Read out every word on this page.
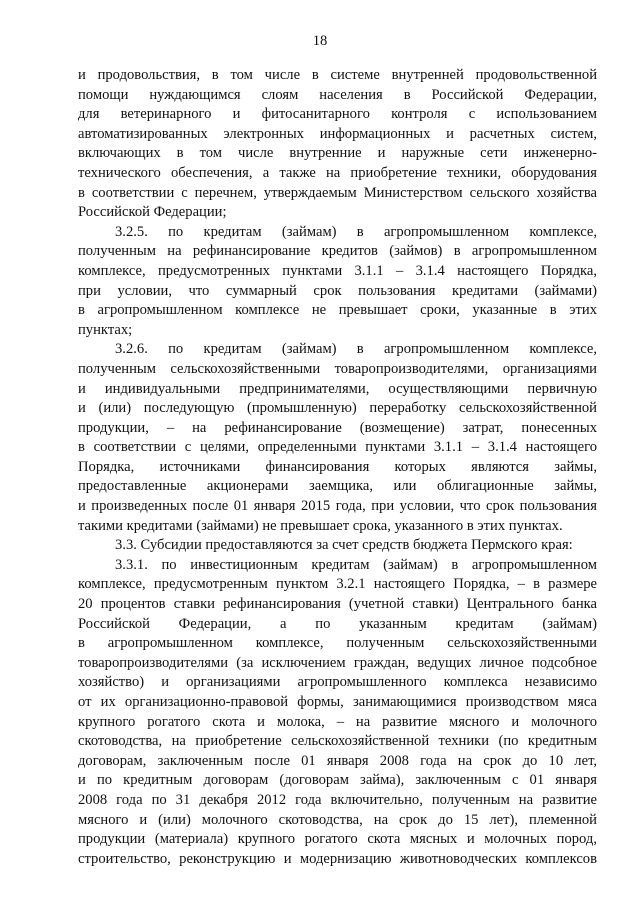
18
и продовольствия, в том числе в системе внутренней продовольственной
помощи нуждающимся слоям населения в Российской Федерации,
для ветеринарного и фитосанитарного контроля с использованием
автоматизированных электронных информационных и расчетных систем,
включающих в том числе внутренние и наружные сети инженерно-
технического обеспечения, а также на приобретение техники, оборудования
в соответствии с перечнем, утверждаемым Министерством сельского хозяйства
Российской Федерации;
3.2.5. по кредитам (займам) в агропромышленном комплексе,
полученным на рефинансирование кредитов (займов) в агропромышленном
комплексе, предусмотренных пунктами 3.1.1 – 3.1.4 настоящего Порядка,
при условии, что суммарный срок пользования кредитами (займами)
в агропромышленном комплексе не превышает сроки, указанные в этих
пунктах;
3.2.6. по кредитам (займам) в агропромышленном комплексе,
полученным сельскохозяйственными товаропроизводителями, организациями
и индивидуальными предпринимателями, осуществляющими первичную
и (или) последующую (промышленную) переработку сельскохозяйственной
продукции, – на рефинансирование (возмещение) затрат, понесенных
в соответствии с целями, определенными пунктами 3.1.1 – 3.1.4 настоящего
Порядка, источниками финансирования которых являются займы,
предоставленные акционерами заемщика, или облигационные займы,
и произведенных после 01 января 2015 года, при условии, что срок пользования
такими кредитами (займами) не превышает срока, указанного в этих пунктах.
3.3. Субсидии предоставляются за счет средств бюджета Пермского края:
3.3.1. по инвестиционным кредитам (займам) в агропромышленном
комплексе, предусмотренным пунктом 3.2.1 настоящего Порядка, – в размере
20 процентов ставки рефинансирования (учетной ставки) Центрального банка
Российской Федерации, а по указанным кредитам (займам)
в агропромышленном комплексе, полученным сельскохозяйственными
товаропроизводителями (за исключением граждан, ведущих личное подсобное
хозяйство) и организациями агропромышленного комплекса независимо
от их организационно-правовой формы, занимающимися производством мяса
крупного рогатого скота и молока, – на развитие мясного и молочного
скотоводства, на приобретение сельскохозяйственной техники (по кредитным
договорам, заключенным после 01 января 2008 года на срок до 10 лет,
и по кредитным договорам (договорам займа), заключенным с 01 января
2008 года по 31 декабря 2012 года включительно, полученным на развитие
мясного и (или) молочного скотоводства, на срок до 15 лет), племенной
продукции (материала) крупного рогатого скота мясных и молочных пород,
строительство, реконструкцию и модернизацию животноводческих комплексов
